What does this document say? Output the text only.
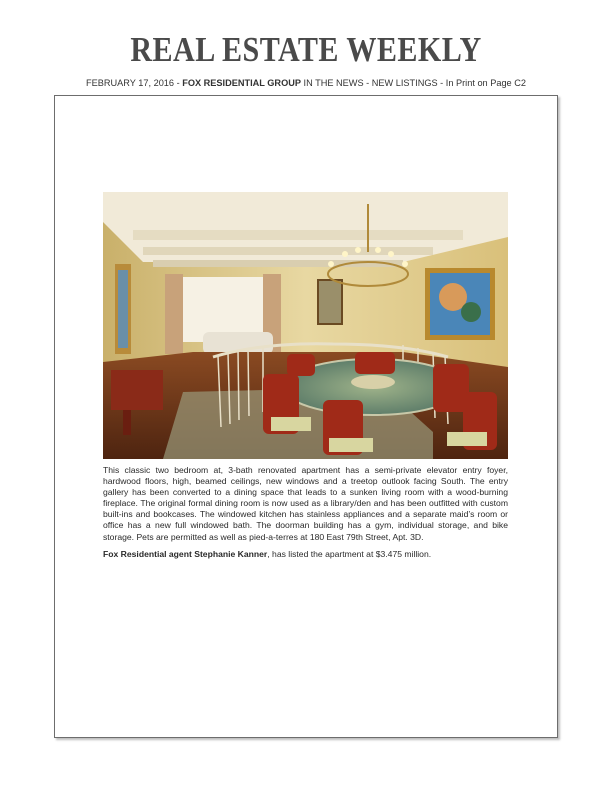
REAL ESTATE WEEKLY
FEBRUARY 17, 2016 - FOX RESIDENTIAL GROUP IN THE NEWS - NEW LISTINGS - In Print on Page C2

This classic two bedroom at, 3-bath renovated apartment has a semi-private elevator entry foyer, hardwood floors, high, beamed ceilings, new windows and a treetop outlook facing South. The entry gallery has been converted to a dining space that leads to a sunken living room with a wood-burning fireplace. The original formal dining room is now used as a library/den and has been outfitted with custom built-ins and bookcases. The windowed kitchen has stainless appliances and a separate maid’s room or office has a new full windowed bath. The doorman building has a gym, individual storage, and bike storage. Pets are permitted as well as pied-a-terres at 180 East 79th Street, Apt. 3D.

Fox Residential agent Stephanie Kanner, has listed the apartment at $3.475 million.
